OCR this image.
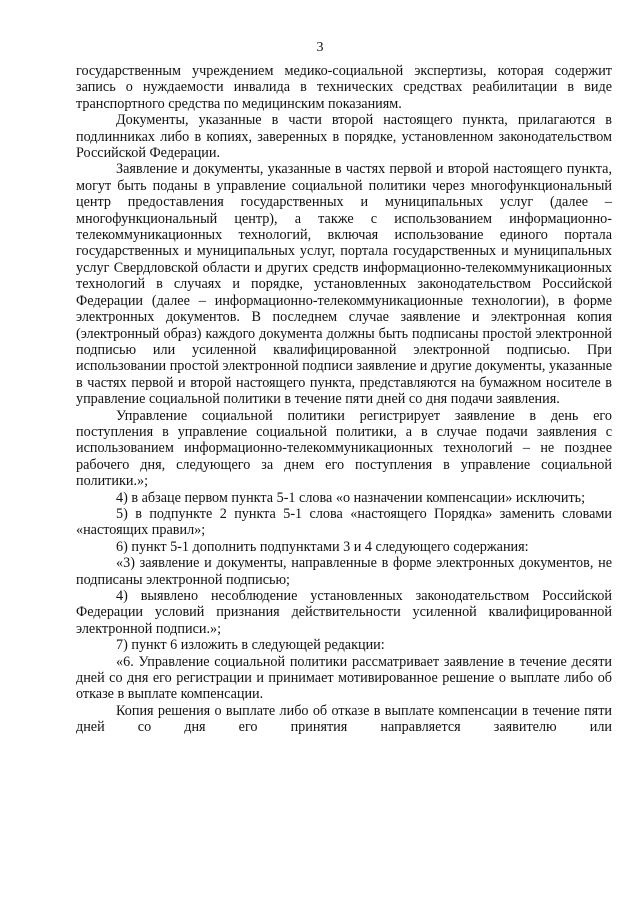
3

государственным учреждением медико-социальной экспертизы, которая содержит запись о нуждаемости инвалида в технических средствах реабилитации в виде транспортного средства по медицинским показаниям.

Документы, указанные в части второй настоящего пункта, прилагаются в подлинниках либо в копиях, заверенных в порядке, установленном законодательством Российской Федерации.

Заявление и документы, указанные в частях первой и второй настоящего пункта, могут быть поданы в управление социальной политики через многофункциональный центр предоставления государственных и муниципальных услуг (далее – многофункциональный центр), а также с использованием информационно-телекоммуникационных технологий, включая использование единого портала государственных и муниципальных услуг, портала государственных и муниципальных услуг Свердловской области и других средств информационно-телекоммуникационных технологий в случаях и порядке, установленных законодательством Российской Федерации (далее – информационно-телекоммуникационные технологии), в форме электронных документов. В последнем случае заявление и электронная копия (электронный образ) каждого документа должны быть подписаны простой электронной подписью или усиленной квалифицированной электронной подписью. При использовании простой электронной подписи заявление и другие документы, указанные в частях первой и второй настоящего пункта, представляются на бумажном носителе в управление социальной политики в течение пяти дней со дня подачи заявления.

Управление социальной политики регистрирует заявление в день его поступления в управление социальной политики, а в случае подачи заявления с использованием информационно-телекоммуникационных технологий – не позднее рабочего дня, следующего за днем его поступления в управление социальной политики.»;

4) в абзаце первом пункта 5-1 слова «о назначении компенсации» исключить;

5) в подпункте 2 пункта 5-1 слова «настоящего Порядка» заменить словами «настоящих правил»;

6) пункт 5-1 дополнить подпунктами 3 и 4 следующего содержания:

«3) заявление и документы, направленные в форме электронных документов, не подписаны электронной подписью;

4) выявлено несоблюдение установленных законодательством Российской Федерации условий признания действительности усиленной квалифицированной электронной подписи.»;

7) пункт 6 изложить в следующей редакции:

«6. Управление социальной политики рассматривает заявление в течение десяти дней со дня его регистрации и принимает мотивированное решение о выплате либо об отказе в выплате компенсации.

Копия решения о выплате либо об отказе в выплате компенсации в течение пяти дней со дня его принятия направляется заявителю или
